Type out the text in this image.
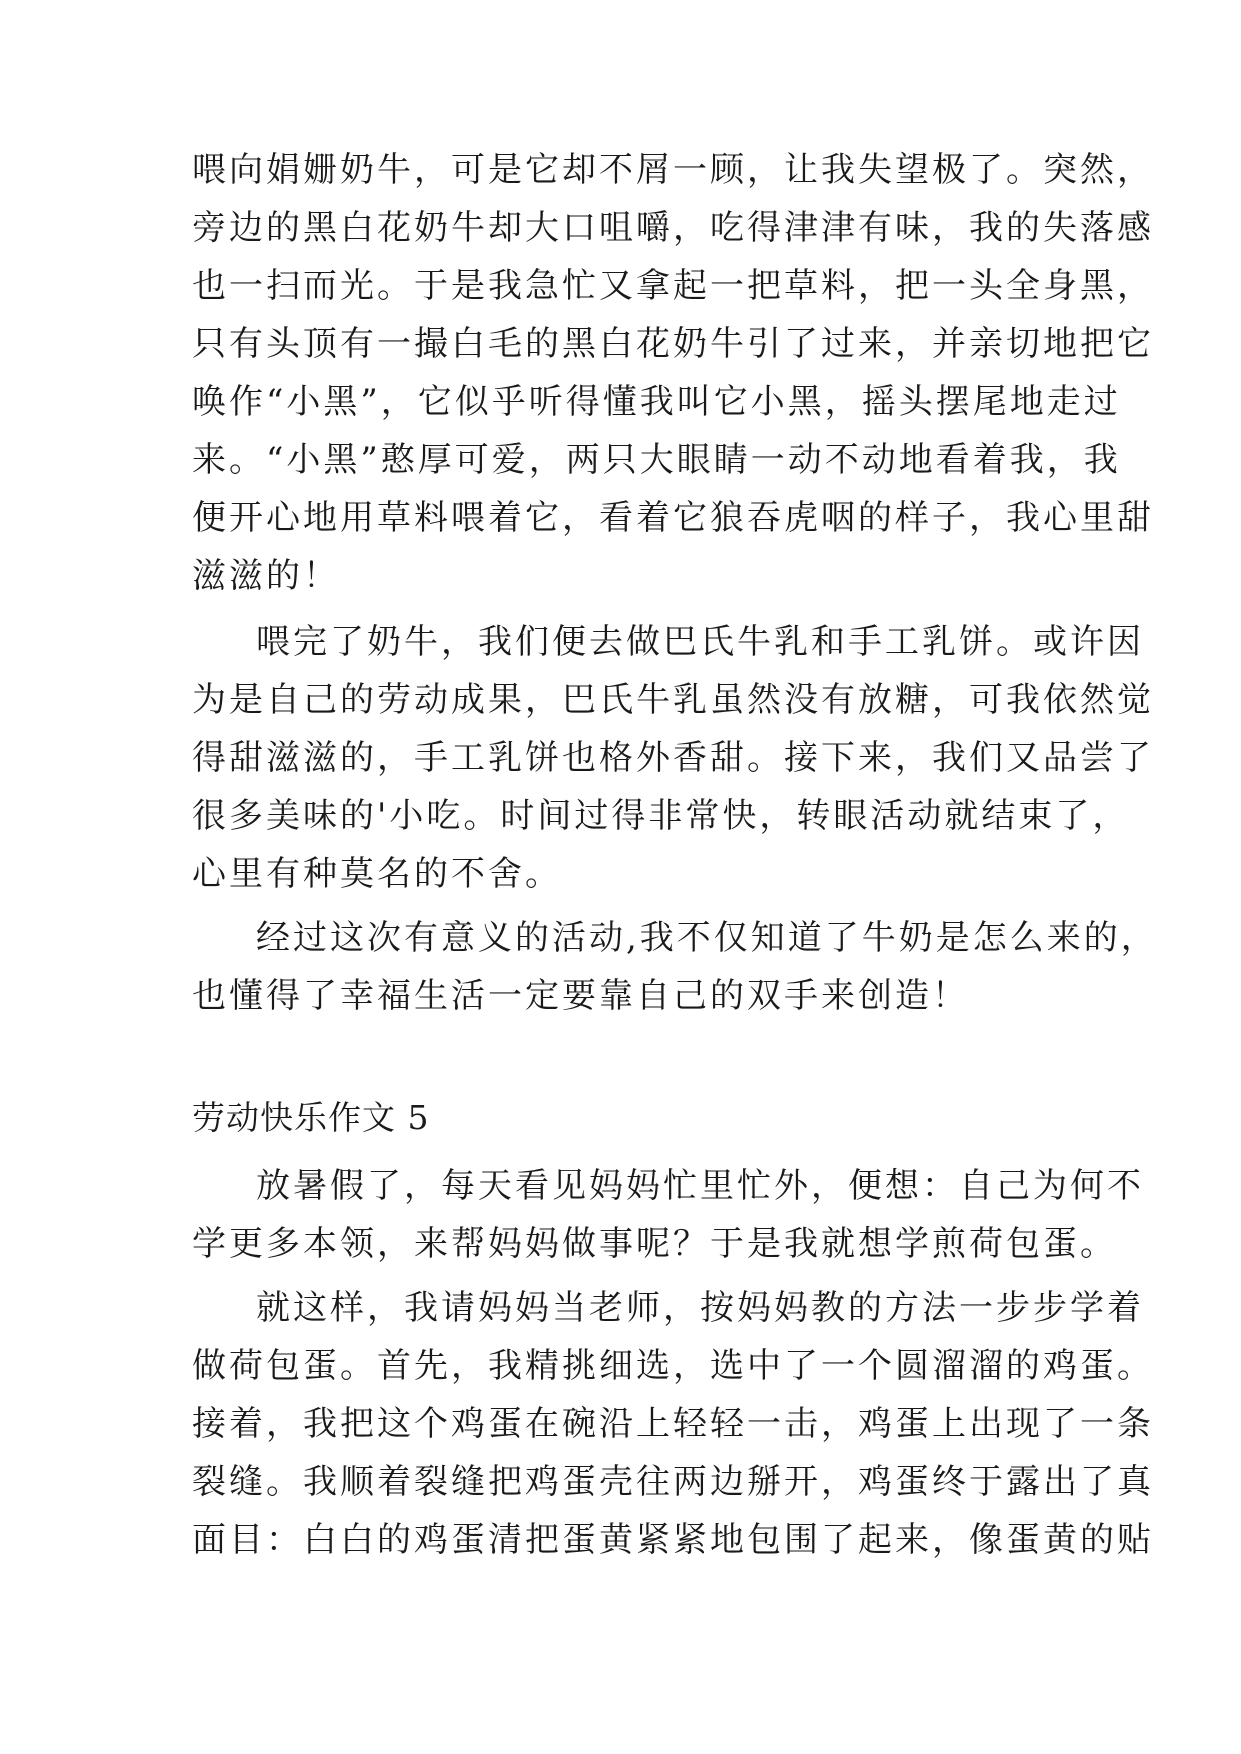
喂向娟姗奶牛，可是它却不屑一顾，让我失望极了。突然，
旁边的黑白花奶牛却大口咀嚼，吃得津津有味，我的失落感
也一扫而光。于是我急忙又拿起一把草料，把一头全身黑，
只有头顶有一撮白毛的黑白花奶牛引了过来，并亲切地把它
唤作“小黑”，它似乎听得懂我叫它小黑，摇头摆尾地走过
来。“小黑”憨厚可爱，两只大眼睛一动不动地看着我，我
便开心地用草料喂着它，看着它狼吞虎咽的样子，我心里甜
滋滋的！
喂完了奶牛，我们便去做巴氏牛乳和手工乳饼。或许因
为是自己的劳动成果，巴氏牛乳虽然没有放糖，可我依然觉
得甜滋滋的，手工乳饼也格外香甜。接下来，我们又品尝了
很多美味的'小吃。时间过得非常快，转眼活动就结束了，
心里有种莫名的不舍。
经过这次有意义的活动,我不仅知道了牛奶是怎么来的，
也懂得了幸福生活一定要靠自己的双手来创造！
劳动快乐作文 5
放暑假了，每天看见妈妈忙里忙外，便想：自己为何不
学更多本领，来帮妈妈做事呢？于是我就想学煎荷包蛋。
就这样，我请妈妈当老师，按妈妈教的方法一步步学着
做荷包蛋。首先，我精挑细选，选中了一个圆溜溜的鸡蛋。
接着，我把这个鸡蛋在碗沿上轻轻一击，鸡蛋上出现了一条
裂缝。我顺着裂缝把鸡蛋壳往两边掰开，鸡蛋终于露出了真
面目：白白的鸡蛋清把蛋黄紧紧地包围了起来，像蛋黄的贴
